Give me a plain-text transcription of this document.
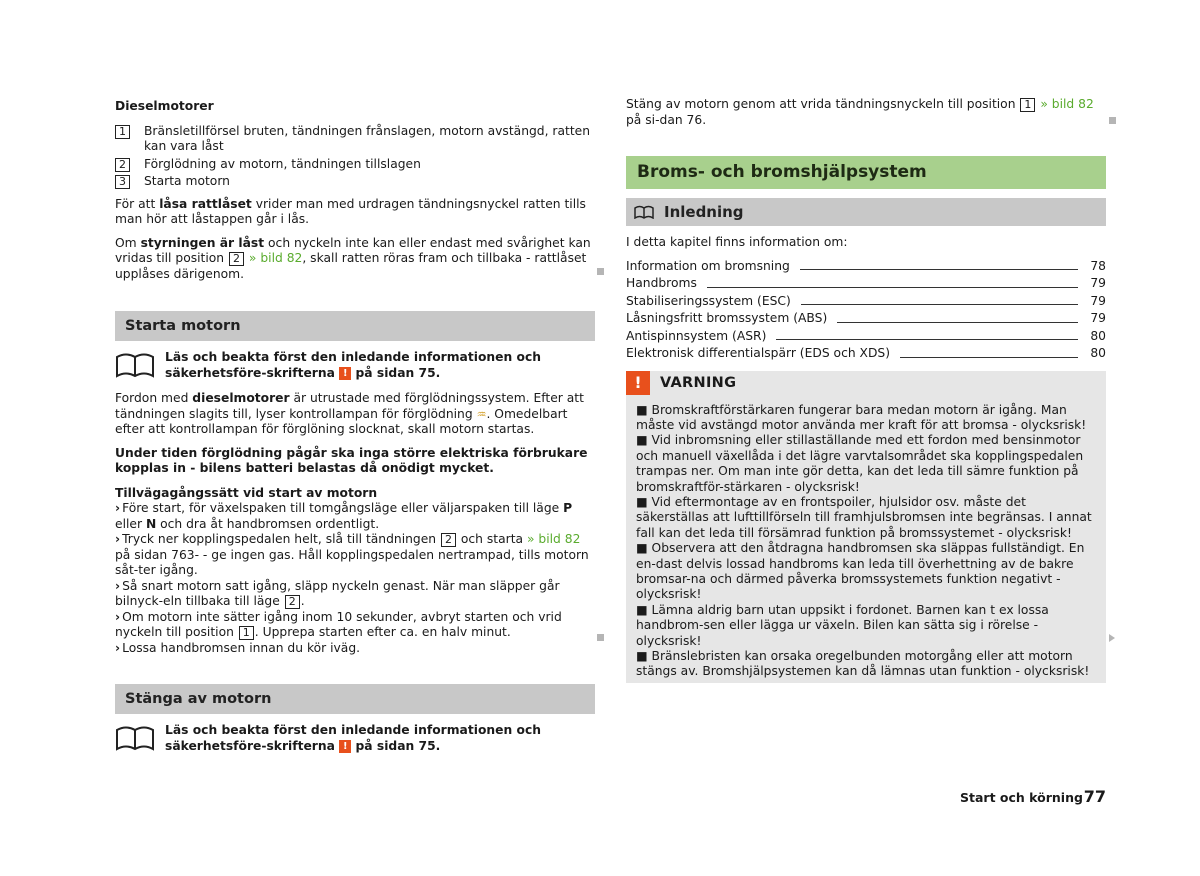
Dieselmotorer

1	Bränsletillförsel bruten, tändningen frånslagen, motorn avstängd, ratten kan vara låst
2	Förglödning av motorn, tändningen tillslagen
3	Starta motorn

För att låsa rattlåset vrider man med urdragen tändningsnyckel ratten tills man hör att låstappen går i lås.

Om styrningen är låst och nyckeln inte kan eller endast med svårighet kan vridas till position 2 » bild 82, skall ratten röras fram och tillbaka - rattlåset upplåses därigenom.

Starta motorn

Läs och beakta först den inledande informationen och säkerhetsföre-skrifterna ! på sidan 75.

Fordon med dieselmotorer är utrustade med förglödningssystem. Efter att tändningen slagits till, lyser kontrollampan för förglödning ♒. Omedelbart efter att kontrollampan för förglöning slocknat, skall motorn startas.

Under tiden förglödning pågår ska inga större elektriska förbrukare kopplas in - bilens batteri belastas då onödigt mycket.

Tillvägagångssätt vid start av motorn

› Före start, för växelspaken till tomgångsläge eller väljarspaken till läge P eller N och dra åt handbromsen ordentligt.

› Tryck ner kopplingspedalen helt, slå till tändningen 2 och starta » bild 82 på sidan 763- - ge ingen gas. Håll kopplingspedalen nertrampad, tills motorn såt-ter igång.

› Så snart motorn satt igång, släpp nyckeln genast. När man släpper går bilnyck-eln tillbaka till läge 2 .

› Om motorn inte sätter igång inom 10 sekunder, avbryt starten och vrid nyckeln till position 1 . Upprepa starten efter ca. en halv minut.

› Lossa handbromsen innan du kör iväg.

Stänga av motorn

Läs och beakta först den inledande informationen och säkerhetsföre-skrifterna ! på sidan 75.

Stäng av motorn genom att vrida tändningsnyckeln till position 1 » bild 82 på si-dan 76.

Broms- och bromshjälpsystem
Inledning

I detta kapitel finns information om:

Information om bromsning	78
Handbroms	79
Stabiliseringssystem (ESC)	79
Låsningsfritt bromssystem (ABS)	79
Antispinnsystem (ASR)	80
Elektronisk differentialspärr (EDS och XDS)	80
!	VARNING

■ Bromskraftförstärkaren fungerar bara medan motorn är igång. Man måste vid avstängd motor använda mer kraft för att bromsa - olycksrisk!

■ Vid inbromsning eller stillaställande med ett fordon med bensinmotor och manuell växellåda i det lägre varvtalsområdet ska kopplingspedalen trampas ner. Om man inte gör detta, kan det leda till sämre funktion på bromskraftför-stärkaren - olycksrisk!

■ Vid eftermontage av en frontspoiler, hjulsidor osv. måste det säkerställas att lufttillförseln till framhjulsbromsen inte begränsas. I annat fall kan det leda till försämrad funktion på bromssystemet - olycksrisk!

■ Observera att den åtdragna handbromsen ska släppas fullständigt. En en-dast delvis lossad handbroms kan leda till överhettning av de bakre bromsar-na och därmed påverka bromssystemets funktion negativt - olycksrisk!

■ Lämna aldrig barn utan uppsikt i fordonet. Barnen kan t ex lossa handbrom-sen eller lägga ur växeln. Bilen kan sätta sig i rörelse - olycksrisk!

■ Bränslebristen kan orsaka oregelbunden motorgång eller att motorn stängs av. Bromshjälpsystemen kan då lämnas utan funktion - olycksrisk!

Start och körning 77
